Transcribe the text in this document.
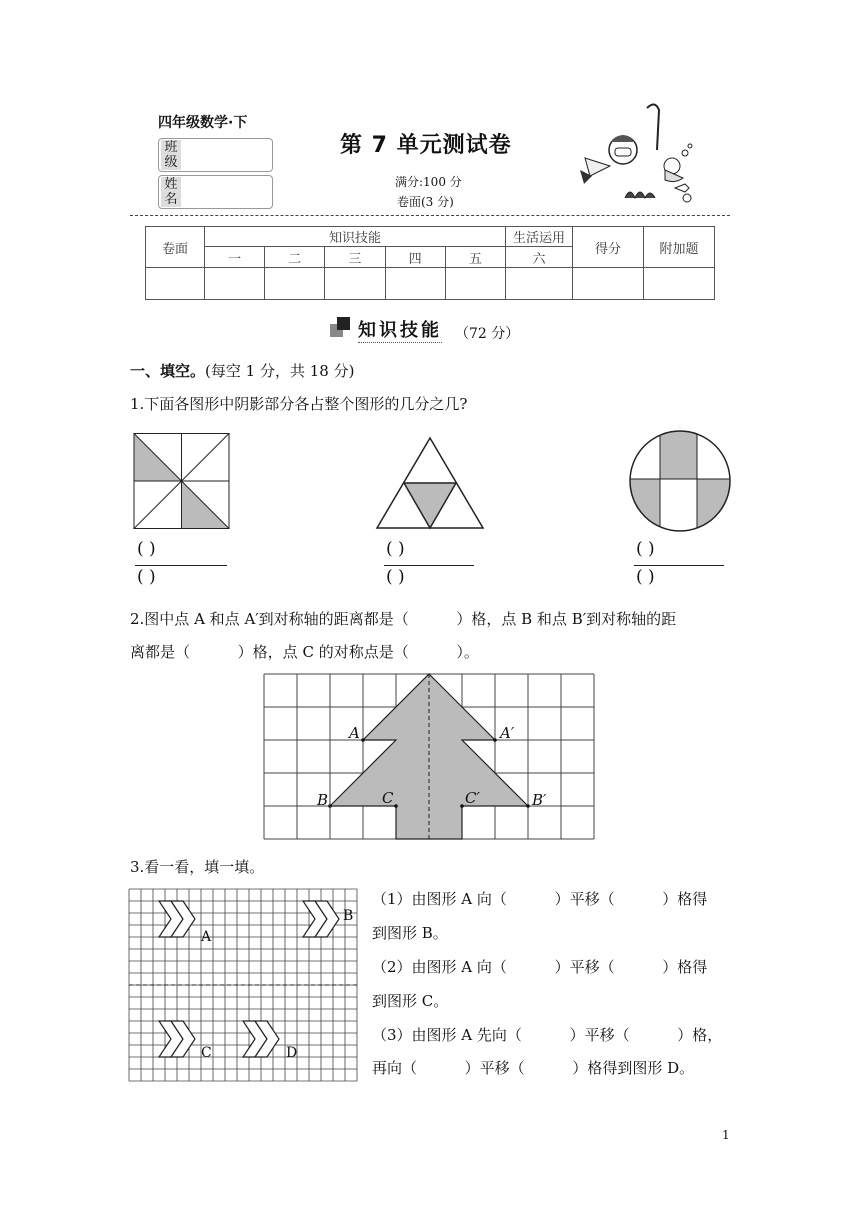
四年级数学·下
班级
姓名
第 7 单元测试卷
满分:100 分
卷面(3 分)
卷面	知识技能					生活运用	得分	附加题
	一	二	三	四	五	六		

知识技能 （72 分）
一、填空。(每空 1 分，共 18 分)
1.下面各图形中阴影部分各占整个图形的几分之几?
( )
( )
( )
( )
( )
( )
2.图中点 A 和点 A′到对称轴的距离都是（          ）格，点 B 和点 B′到对称轴的距
离都是（          ）格，点 C 的对称点是（          ）。
A	A′
B	B′
C	C′
3.看一看，填一填。
A
B
C	D
（1）由图形 A 向（          ）平移（          ）格得
到图形 B。
（2）由图形 A 向（          ）平移（          ）格得
到图形 C。
（3）由图形 A 先向（          ）平移（          ）格，
再向（          ）平移（          ）格得到图形 D。
1
